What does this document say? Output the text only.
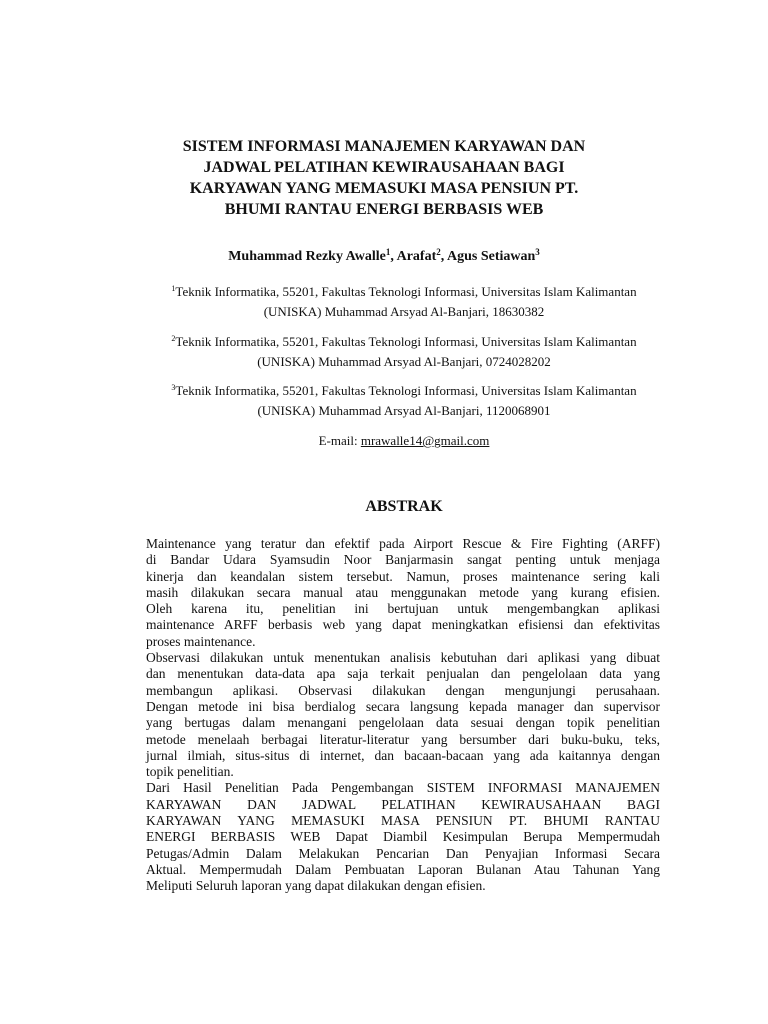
SISTEM INFORMASI MANAJEMEN KARYAWAN DAN
JADWAL PELATIHAN KEWIRAUSAHAAN BAGI
KARYAWAN YANG MEMASUKI MASA PENSIUN PT.
BHUMI RANTAU ENERGI BERBASIS WEB
Muhammad Rezky Awalle$^1$, Arafat$^2$, Agus Setiawan$^3$
$^1$Teknik Informatika, 55201, Fakultas Teknologi Informasi, Universitas Islam Kalimantan
(UNISKA) Muhammad Arsyad Al-Banjari, 18630382
$^2$Teknik Informatika, 55201, Fakultas Teknologi Informasi, Universitas Islam Kalimantan
(UNISKA) Muhammad Arsyad Al-Banjari, 0724028202
$^3$Teknik Informatika, 55201, Fakultas Teknologi Informasi, Universitas Islam Kalimantan
(UNISKA) Muhammad Arsyad Al-Banjari, 1120068901
E-mail: mrawalle14@gmail.com
ABSTRAK
Maintenance yang teratur dan efektif pada Airport Rescue & Fire Fighting (ARFF)
di Bandar Udara Syamsudin Noor Banjarmasin sangat penting untuk menjaga
kinerja dan keandalan sistem tersebut. Namun, proses maintenance sering kali
masih dilakukan secara manual atau menggunakan metode yang kurang efisien.
Oleh karena itu, penelitian ini bertujuan untuk mengembangkan aplikasi
maintenance ARFF berbasis web yang dapat meningkatkan efisiensi dan efektivitas
proses maintenance.
Observasi dilakukan untuk menentukan analisis kebutuhan dari aplikasi yang dibuat
dan menentukan data-data apa saja terkait penjualan dan pengelolaan data yang
membangun aplikasi. Observasi dilakukan dengan mengunjungi perusahaan.
Dengan metode ini bisa berdialog secara langsung kepada manager dan supervisor
yang bertugas dalam menangani pengelolaan data sesuai dengan topik penelitian
metode menelaah berbagai literatur-literatur yang bersumber dari buku-buku, teks,
jurnal ilmiah, situs-situs di internet, dan bacaan-bacaan yang ada kaitannya dengan
topik penelitian.
Dari Hasil Penelitian Pada Pengembangan SISTEM INFORMASI MANAJEMEN
KARYAWAN DAN JADWAL PELATIHAN KEWIRAUSAHAAN BAGI
KARYAWAN YANG MEMASUKI MASA PENSIUN PT. BHUMI RANTAU
ENERGI BERBASIS WEB Dapat Diambil Kesimpulan Berupa Mempermudah
Petugas/Admin Dalam Melakukan Pencarian Dan Penyajian Informasi Secara
Aktual. Mempermudah Dalam Pembuatan Laporan Bulanan Atau Tahunan Yang
Meliputi Seluruh laporan yang dapat dilakukan dengan efisien.
